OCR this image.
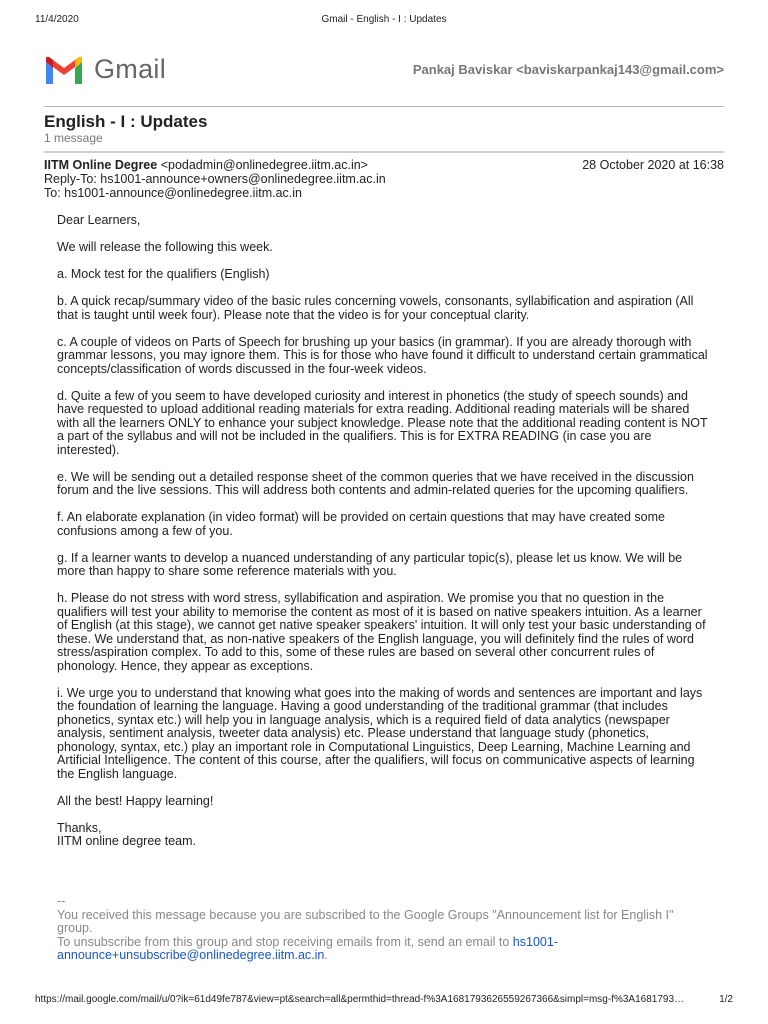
11/4/2020	Gmail - English - I : Updates
Gmail	Pankaj Baviskar <baviskarpankaj143@gmail.com>
English - I : Updates
1 message
IITM Online Degree <podadmin@onlinedegree.iitm.ac.in>	28 October 2020 at 16:38
Reply-To: hs1001-announce+owners@onlinedegree.iitm.ac.in
To: hs1001-announce@onlinedegree.iitm.ac.in

Dear Learners,

We will release the following this week.

a. Mock test for the qualifiers (English)

b. A quick recap/summary video of the basic rules concerning vowels, consonants, syllabification and aspiration (All that is taught until week four). Please note that the video is for your conceptual clarity.

c. A couple of videos on Parts of Speech for brushing up your basics (in grammar). If you are already thorough with grammar lessons, you may ignore them. This is for those who have found it difficult to understand certain grammatical concepts/classification of words discussed in the four-week videos.

d. Quite a few of you seem to have developed curiosity and interest in phonetics (the study of speech sounds) and have requested to upload additional reading materials for extra reading. Additional reading materials will be shared with all the learners ONLY to enhance your subject knowledge. Please note that the additional reading content is NOT a part of the syllabus and will not be included in the qualifiers. This is for EXTRA READING (in case you are interested).

e. We will be sending out a detailed response sheet of the common queries that we have received in the discussion forum and the live sessions. This will address both contents and admin-related queries for the upcoming qualifiers.

f. An elaborate explanation (in video format) will be provided on certain questions that may have created some confusions among a few of you.

g. If a learner wants to develop a nuanced understanding of any particular topic(s), please let us know. We will be more than happy to share some reference materials with you.

h. Please do not stress with word stress, syllabification and aspiration. We promise you that no question in the qualifiers will test your ability to memorise the content as most of it is based on native speakers intuition. As a learner of English (at this stage), we cannot get native speaker speakers' intuition. It will only test your basic understanding of these. We understand that, as non-native speakers of the English language, you will definitely find the rules of word stress/aspiration complex. To add to this, some of these rules are based on several other concurrent rules of phonology. Hence, they appear as exceptions.

i. We urge you to understand that knowing what goes into the making of words and sentences are important and lays the foundation of learning the language. Having a good understanding of the traditional grammar (that includes phonetics, syntax etc.) will help you in language analysis, which is a required field of data analytics (newspaper analysis, sentiment analysis, tweeter data analysis) etc. Please understand that language study (phonetics, phonology, syntax, etc.) play an important role in Computational Linguistics, Deep Learning, Machine Learning and Artificial Intelligence. The content of this course, after the qualifiers, will focus on communicative aspects of learning the English language.

All the best! Happy learning!

Thanks,
IITM online degree team.

--

You received this message because you are subscribed to the Google Groups "Announcement list for English I" group.

To unsubscribe from this group and stop receiving emails from it, send an email to hs1001-announce+unsubscribe@onlinedegree.iitm.ac.in.

https://mail.google.com/mail/u/0?ik=61d49fe787&view=pt&search=all&permthid=thread-f%3A1681793626559267366&simpl=msg-f%3A1681793…	1/2
